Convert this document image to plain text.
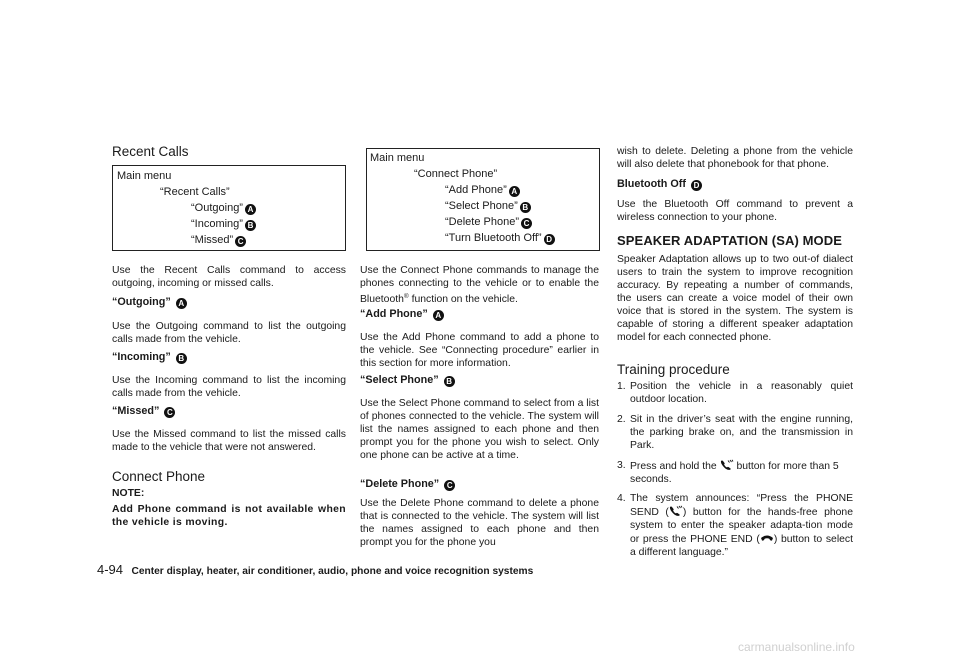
Recent Calls
Main menu
“Recent Calls”
“Outgoing” A
“Incoming” B
“Missed” C

Use the Recent Calls command to access outgoing, incoming or missed calls.

“Outgoing” A

Use the Outgoing command to list the outgoing calls made from the vehicle.

“Incoming” B

Use the Incoming command to list the incoming calls made from the vehicle.

“Missed” C

Use the Missed command to list the missed calls made to the vehicle that were not answered.

Connect Phone

NOTE:

Add Phone command is not available when the vehicle is moving.

Main menu
“Connect Phone”
“Add Phone” A
“Select Phone” B
“Delete Phone” C
“Turn Bluetooth Off” D

Use the Connect Phone commands to manage the phones connecting to the vehicle or to enable the Bluetooth® function on the vehicle.

“Add Phone” A

Use the Add Phone command to add a phone to the vehicle. See “Connecting procedure” earlier in this section for more information.

“Select Phone” B

Use the Select Phone command to select from a list of phones connected to the vehicle. The system will list the names assigned to each phone and then prompt you for the phone you wish to select. Only one phone can be active at a time.

“Delete Phone” C

Use the Delete Phone command to delete a phone that is connected to the vehicle. The system will list the names assigned to each phone and then prompt you for the phone you

wish to delete. Deleting a phone from the vehicle will also delete that phonebook for that phone.

Bluetooth Off D

Use the Bluetooth Off command to prevent a wireless connection to your phone.

SPEAKER ADAPTATION (SA) MODE

Speaker Adaptation allows up to two out-of dialect users to train the system to improve recognition accuracy. By repeating a number of commands, the users can create a voice model of their own voice that is stored in the system. The system is capable of storing a different speaker adaptation model for each connected phone.

Training procedure
1. Position the vehicle in a reasonably quiet outdoor location.
2. Sit in the driver’s seat with the engine running, the parking brake on, and the transmission in Park.
3. Press and hold the button for more than 5 seconds.
4. The system announces: “Press the PHONE SEND ( ) button for the hands-free phone system to enter the speaker adapta-tion mode or press the PHONE END ( ) button to select a different language.”
4-94 Center display, heater, air conditioner, audio, phone and voice recognition systems
carmanualsonline.info
